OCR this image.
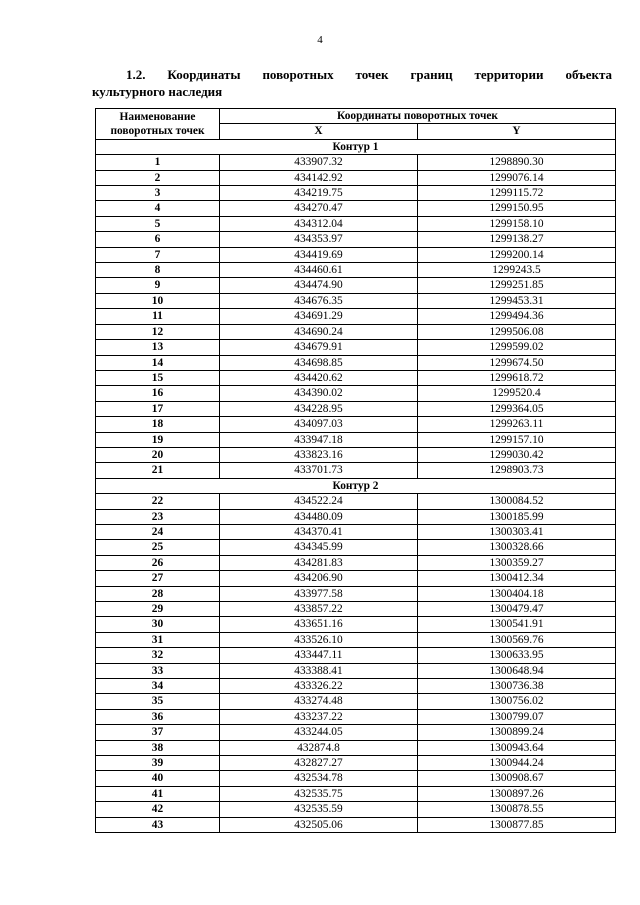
4
1.2. Координаты поворотных точек границ территории объекта
культурного наследия
Наименование
поворотных точек	Координаты поворотных точек	
	X	Y
Контур 1		
1	433907.32	1298890.30
2	434142.92	1299076.14
3	434219.75	1299115.72
4	434270.47	1299150.95
5	434312.04	1299158.10
6	434353.97	1299138.27
7	434419.69	1299200.14
8	434460.61	1299243.5
9	434474.90	1299251.85
10	434676.35	1299453.31
11	434691.29	1299494.36
12	434690.24	1299506.08
13	434679.91	1299599.02
14	434698.85	1299674.50
15	434420.62	1299618.72
16	434390.02	1299520.4
17	434228.95	1299364.05
18	434097.03	1299263.11
19	433947.18	1299157.10
20	433823.16	1299030.42
21	433701.73	1298903.73
Контур 2		
22	434522.24	1300084.52
23	434480.09	1300185.99
24	434370.41	1300303.41
25	434345.99	1300328.66
26	434281.83	1300359.27
27	434206.90	1300412.34
28	433977.58	1300404.18
29	433857.22	1300479.47
30	433651.16	1300541.91
31	433526.10	1300569.76
32	433447.11	1300633.95
33	433388.41	1300648.94
34	433326.22	1300736.38
35	433274.48	1300756.02
36	433237.22	1300799.07
37	433244.05	1300899.24
38	432874.8	1300943.64
39	432827.27	1300944.24
40	432534.78	1300908.67
41	432535.75	1300897.26
42	432535.59	1300878.55
43	432505.06	1300877.85
